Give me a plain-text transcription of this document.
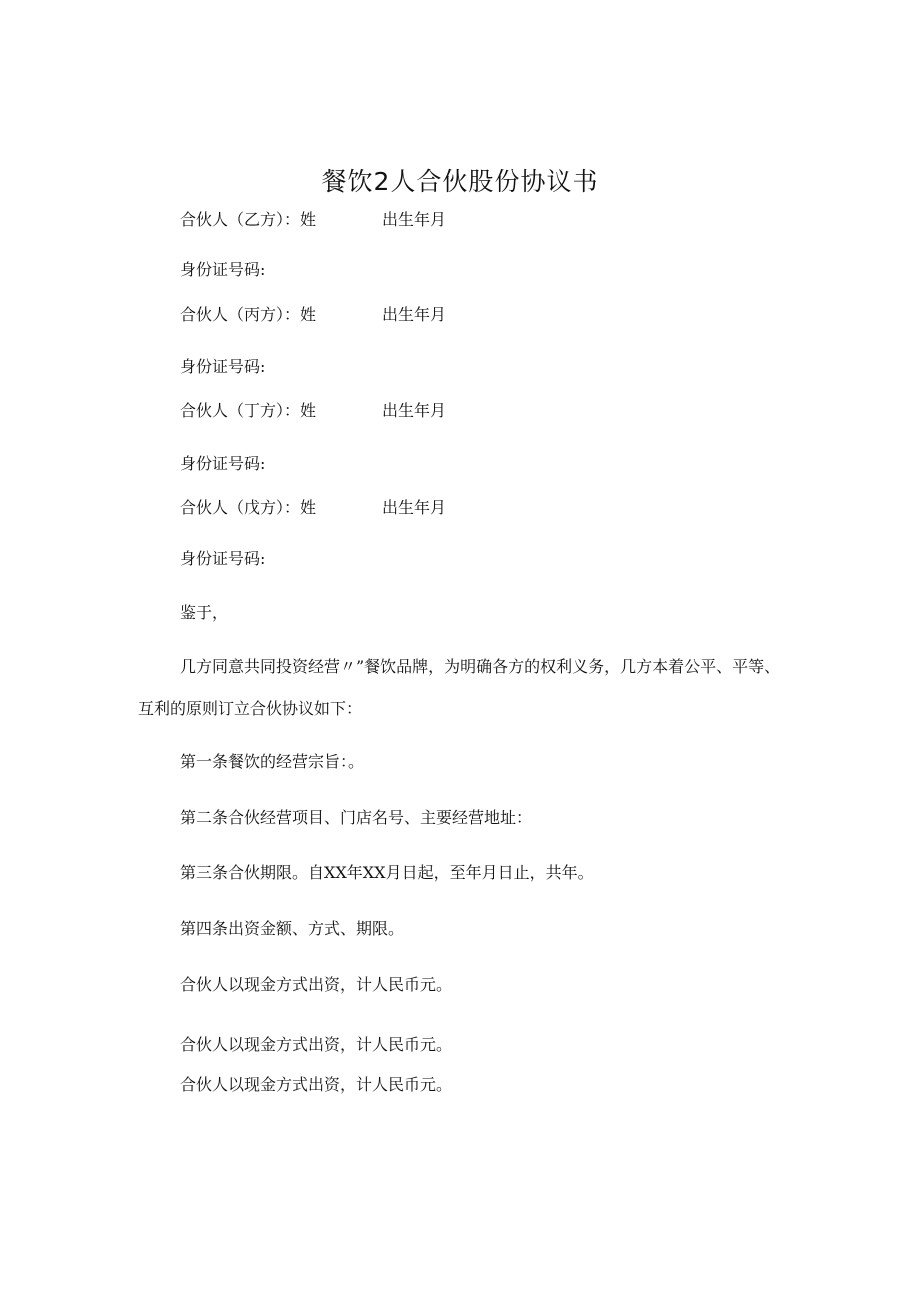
餐饮2人合伙股份协议书
合伙人（乙方）：姓	出生年月
身份证号码:
合伙人（丙方）：姓	出生年月
身份证号码:
合伙人（丁方）：姓	出生年月
身份证号码:
合伙人（戊方）：姓	出生年月
身份证号码:
鉴于，
几方同意共同投资经营〃”餐饮品牌，为明确各方的权利义务，几方本着公平、平等、互利的原则订立合伙协议如下：
第一条餐饮的经营宗旨：。
第二条合伙经营项目、门店名号、主要经营地址：
第三条合伙期限。自XX年XX月日起，至年月日止，共年。
第四条出资金额、方式、期限。
合伙人以现金方式出资，计人民币元。
合伙人以现金方式出资，计人民币元。
合伙人以现金方式出资，计人民币元。
